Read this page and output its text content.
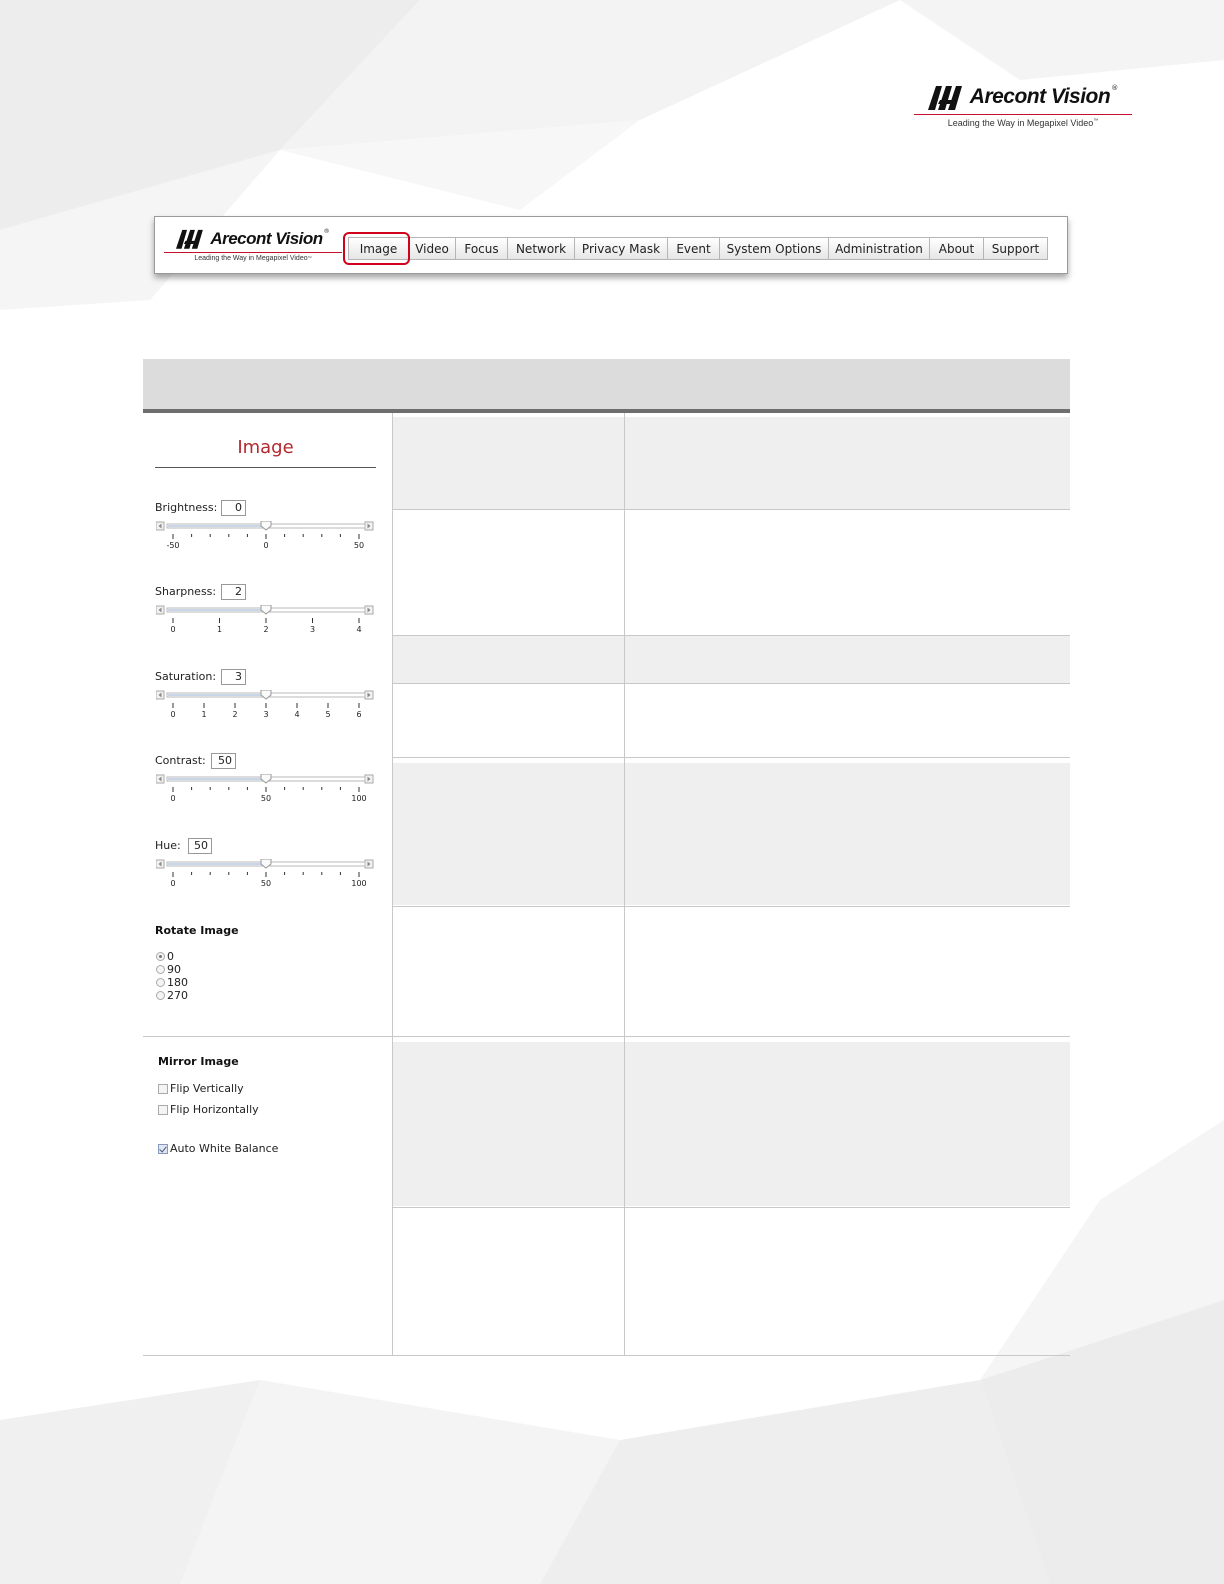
Arecont Vision ®
Leading the Way in Megapixel Video™
Arecont Vision ®
Leading the Way in Megapixel Video™
Image	Video	Focus	Network	Privacy Mask	Event	System Options	Administration	About	Support
Image
Brightness:	0
-50	0	50
Sharpness:	2
0	1	2	3	4
Saturation:	3
0	1	2	3	4	5	6
Contrast:	50
0	50	100
Hue:	50
0	50	100
Rotate Image
0
90
180
270
Mirror Image
Flip Vertically
Flip Horizontally
Auto White Balance
